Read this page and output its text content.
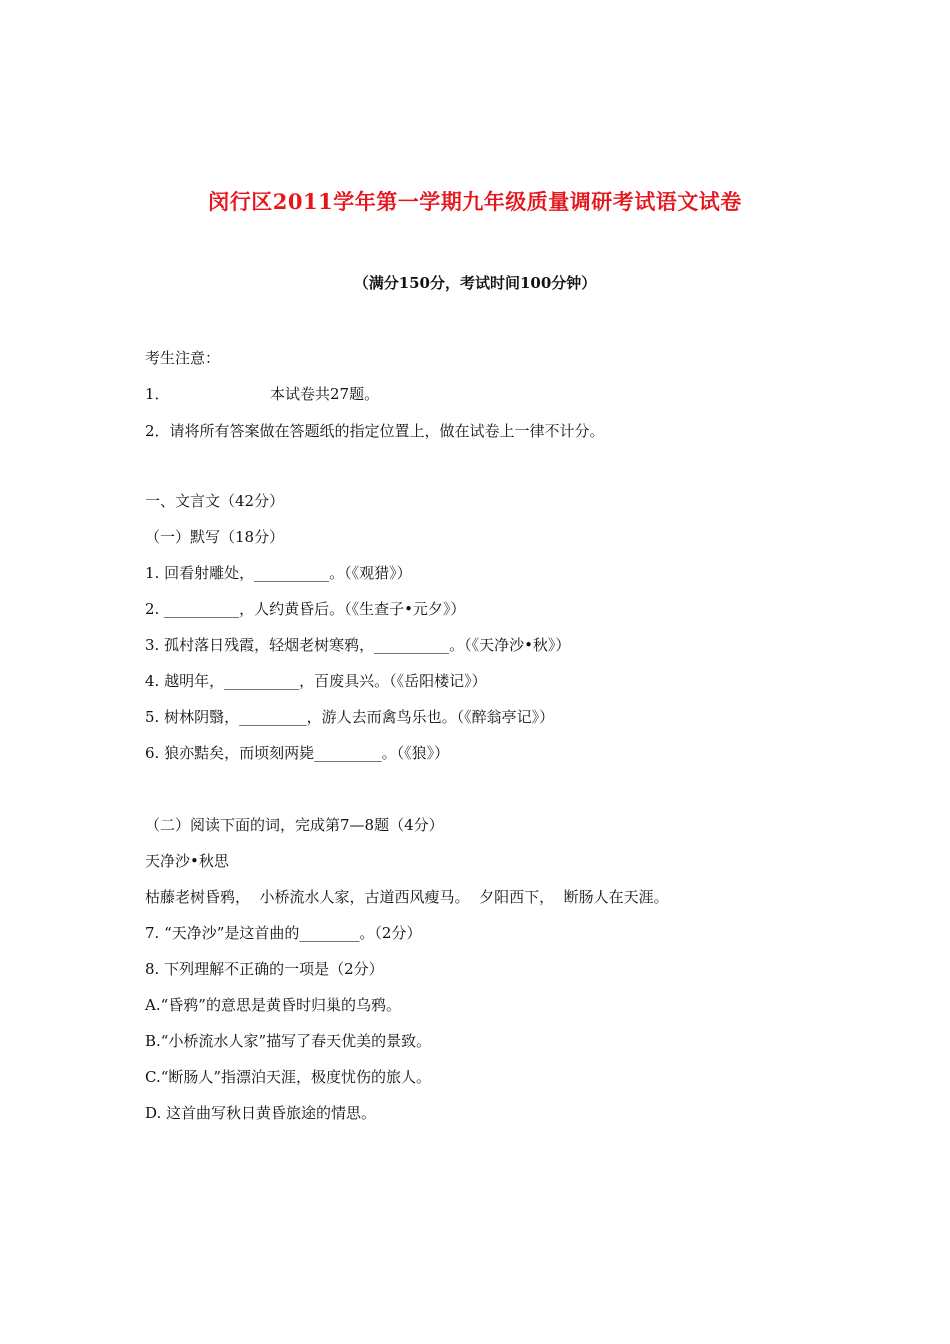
闵行区2011学年第一学期九年级质量调研考试语文试卷
（满分150分，考试时间100分钟）
考生注意：
1．	本试卷共27题。
2．请将所有答案做在答题纸的指定位置上，做在试卷上一律不计分。
一、文言文（42分）
（一）默写（18分）
1. 回看射雕处，__________。（《观猎》）
2. __________，人约黄昏后。（《生查子•元夕》）
3. 孤村落日残霞，轻烟老树寒鸦，__________。（《天净沙•秋》）
4. 越明年，__________，百废具兴。（《岳阳楼记》）
5. 树林阴翳，_________，游人去而禽鸟乐也。（《醉翁亭记》）
6. 狼亦黠矣，而顷刻两毙_________。（《狼》）
（二）阅读下面的词，完成第7—8题（4分）
天净沙•秋思
枯藤老树昏鸦，  小桥流水人家，古道西风瘦马。  夕阳西下，  断肠人在天涯。
7. “天净沙”是这首曲的________。（2分）
8. 下列理解不正确的一项是（2分）
A.“昏鸦”的意思是黄昏时归巢的乌鸦。
B.“小桥流水人家”描写了春天优美的景致。
C.“断肠人”指漂泊天涯，极度忧伤的旅人。
D. 这首曲写秋日黄昏旅途的情思。
